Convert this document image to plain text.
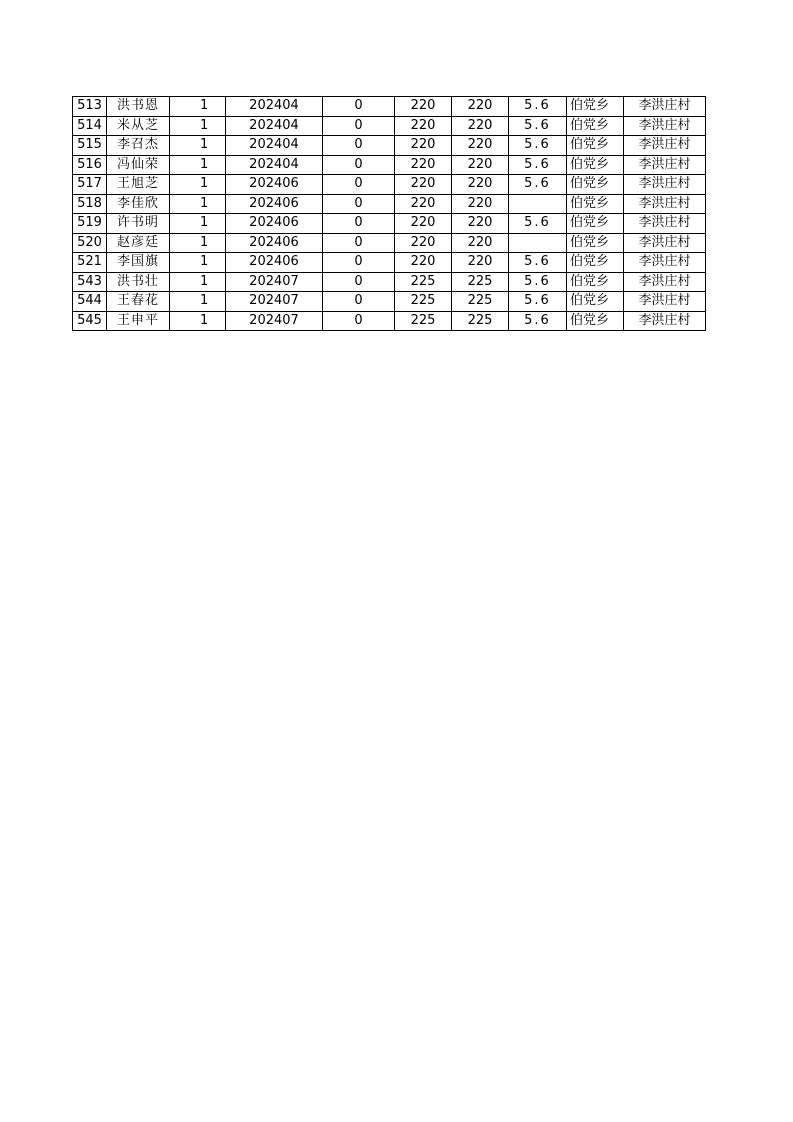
513	洪书恩	1	202404	0	220	220	5.6	伯党乡	李洪庄村
514	米从芝	1	202404	0	220	220	5.6	伯党乡	李洪庄村
515	李召杰	1	202404	0	220	220	5.6	伯党乡	李洪庄村
516	冯仙荣	1	202404	0	220	220	5.6	伯党乡	李洪庄村
517	王旭芝	1	202406	0	220	220	5.6	伯党乡	李洪庄村
518	李佳欣	1	202406	0	220	220		伯党乡	李洪庄村
519	许书明	1	202406	0	220	220	5.6	伯党乡	李洪庄村
520	赵彦廷	1	202406	0	220	220		伯党乡	李洪庄村
521	李国旗	1	202406	0	220	220	5.6	伯党乡	李洪庄村
543	洪书壮	1	202407	0	225	225	5.6	伯党乡	李洪庄村
544	王春花	1	202407	0	225	225	5.6	伯党乡	李洪庄村
545	王申平	1	202407	0	225	225	5.6	伯党乡	李洪庄村
